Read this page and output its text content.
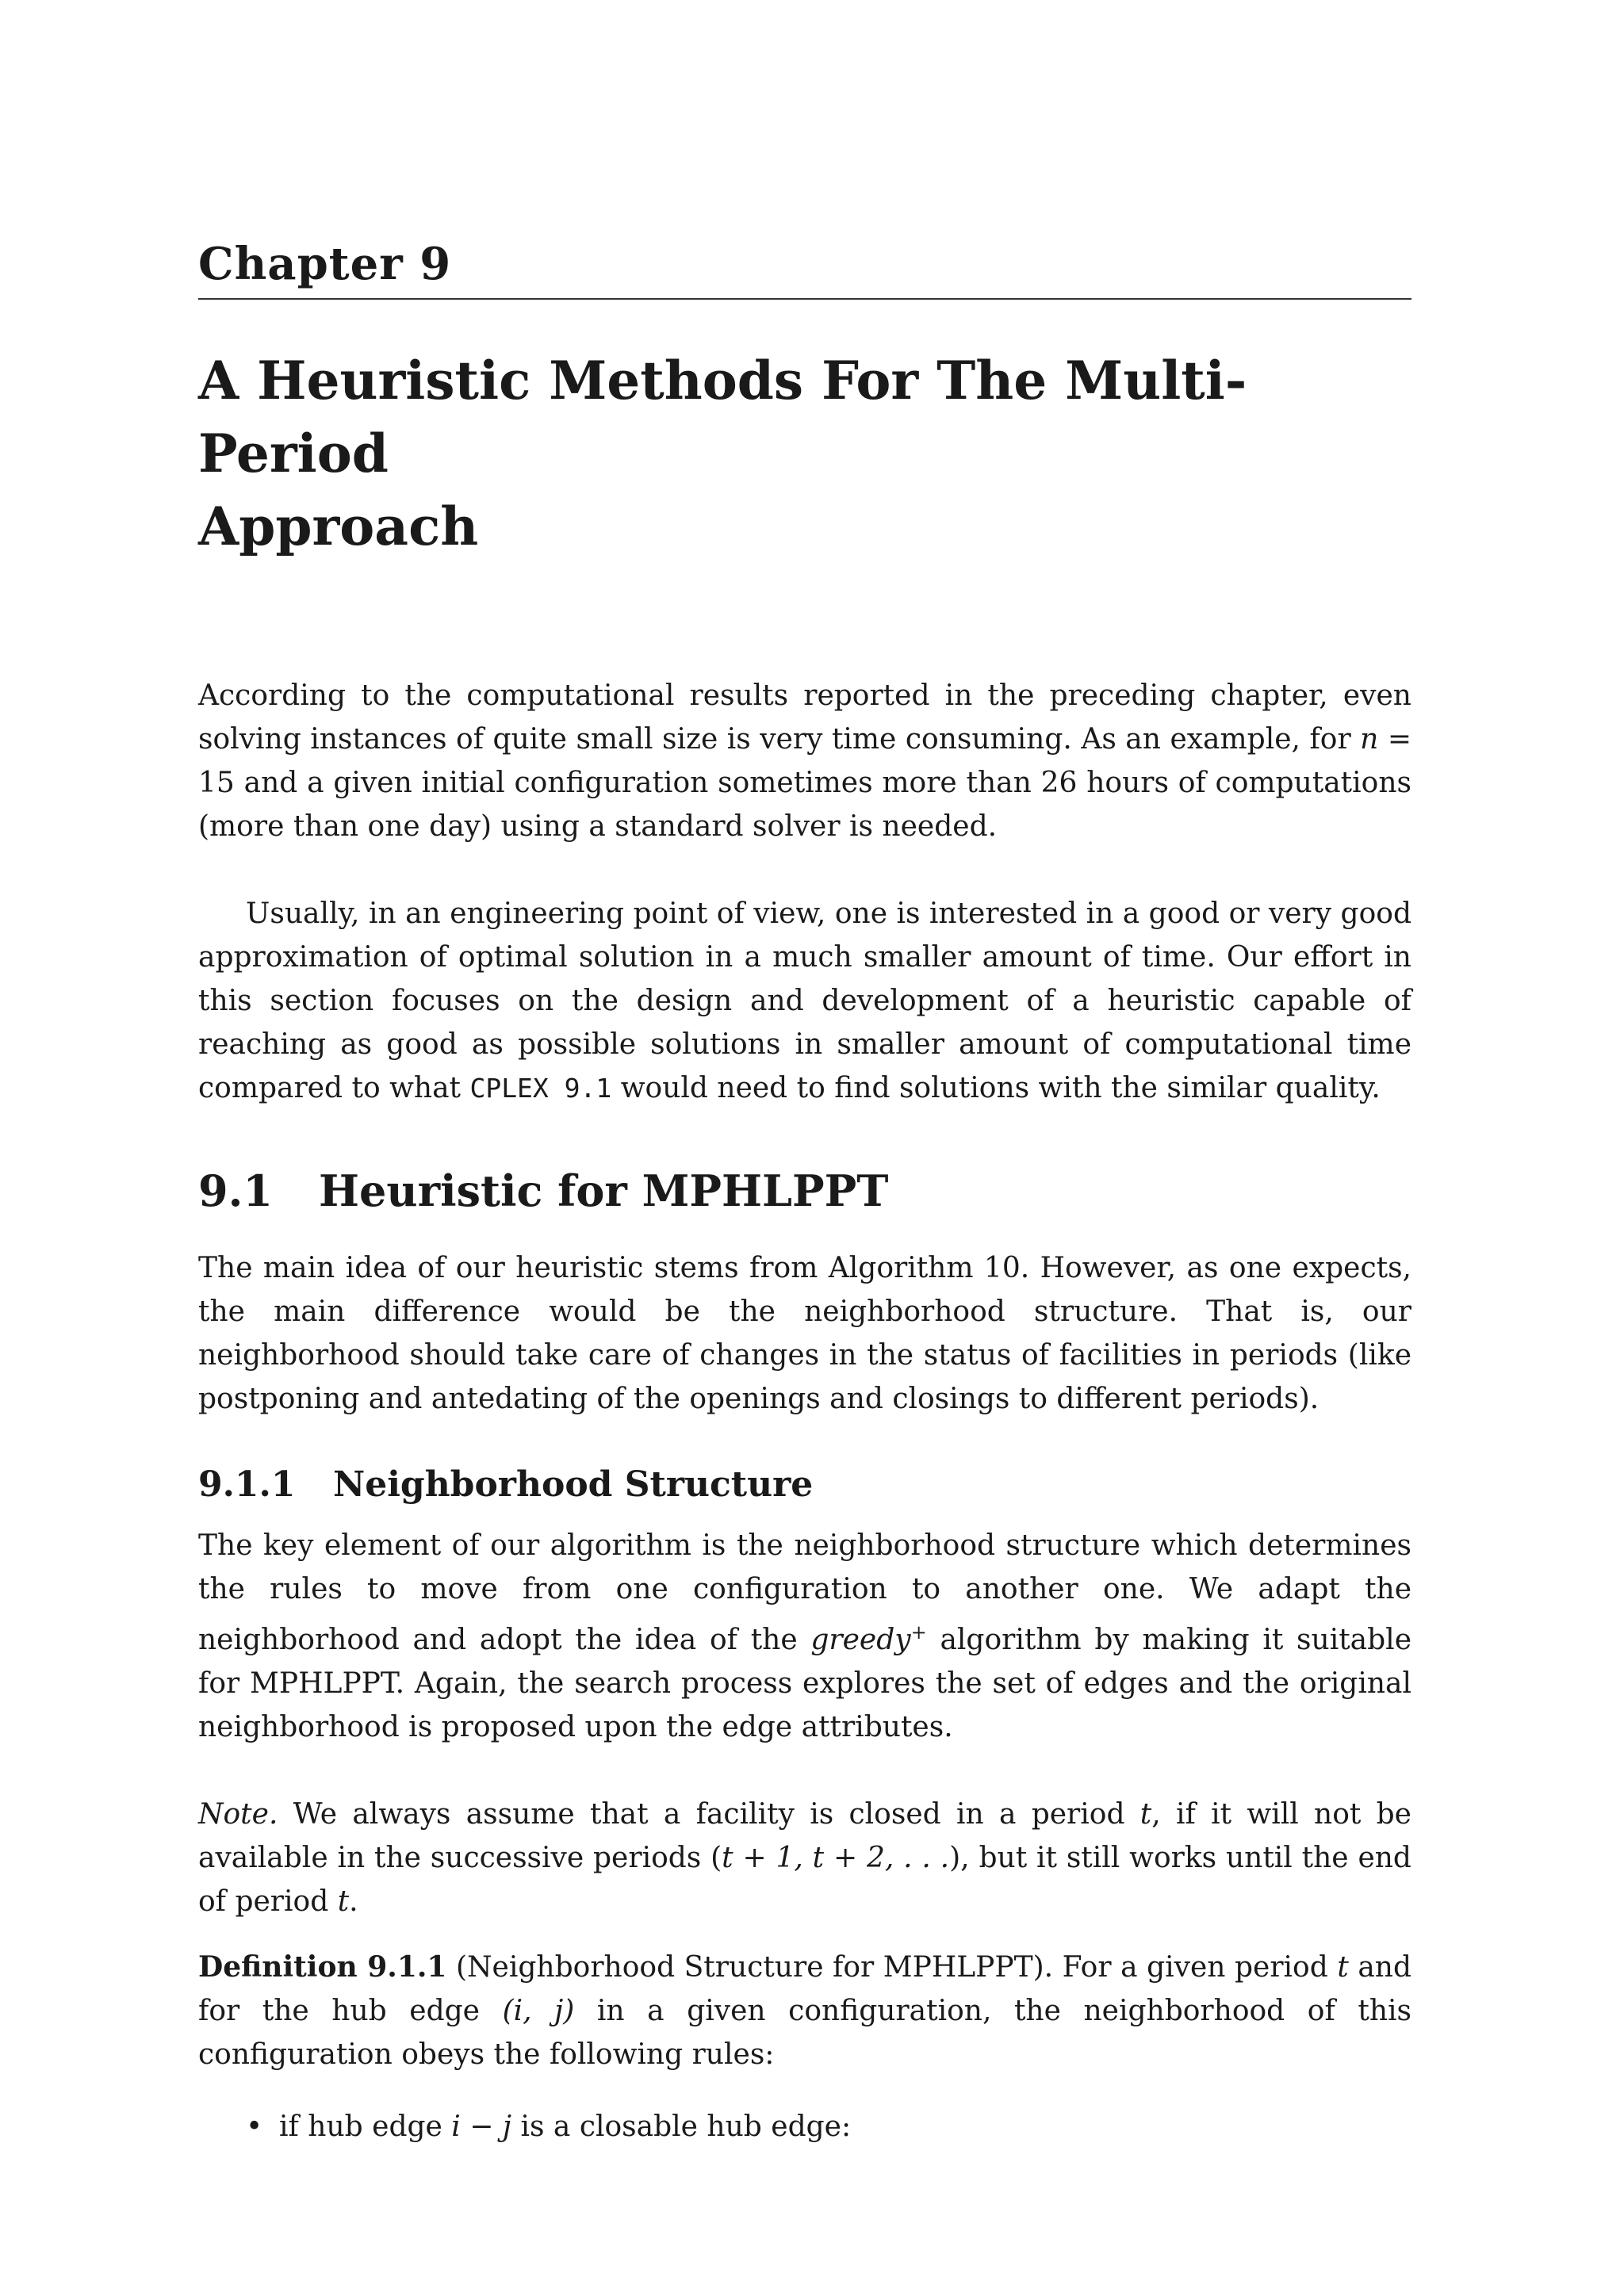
Chapter 9
A Heuristic Methods For The Multi-Period
Approach

According to the computational results reported in the preceding chapter, even solving instances of quite small size is very time consuming. As an example, for n = 15 and a given initial configuration sometimes more than 26 hours of computations (more than one day) using a standard solver is needed.

Usually, in an engineering point of view, one is interested in a good or very good approximation of optimal solution in a much smaller amount of time. Our effort in this section focuses on the design and development of a heuristic capable of reaching as good as possible solutions in smaller amount of computational time compared to what CPLEX 9.1 would need to find solutions with the similar quality.

9.1 Heuristic for MPHLPPT

The main idea of our heuristic stems from Algorithm 10. However, as one expects, the main difference would be the neighborhood structure. That is, our neighborhood should take care of changes in the status of facilities in periods (like postponing and antedating of the openings and closings to different periods).

9.1.1 Neighborhood Structure

The key element of our algorithm is the neighborhood structure which determines the rules to move from one configuration to another one. We adapt the neighborhood and adopt the idea of the greedy+ algorithm by making it suitable for MPHLPPT. Again, the search process explores the set of edges and the original neighborhood is proposed upon the edge attributes.

Note. We always assume that a facility is closed in a period t, if it will not be available in the successive periods (t + 1, t + 2, . . .), but it still works until the end of period t.

Definition 9.1.1 (Neighborhood Structure for MPHLPPT). For a given period t and for the hub edge (i, j) in a given configuration, the neighborhood of this configuration obeys the following rules:

• if hub edge i − j is a closable hub edge:
